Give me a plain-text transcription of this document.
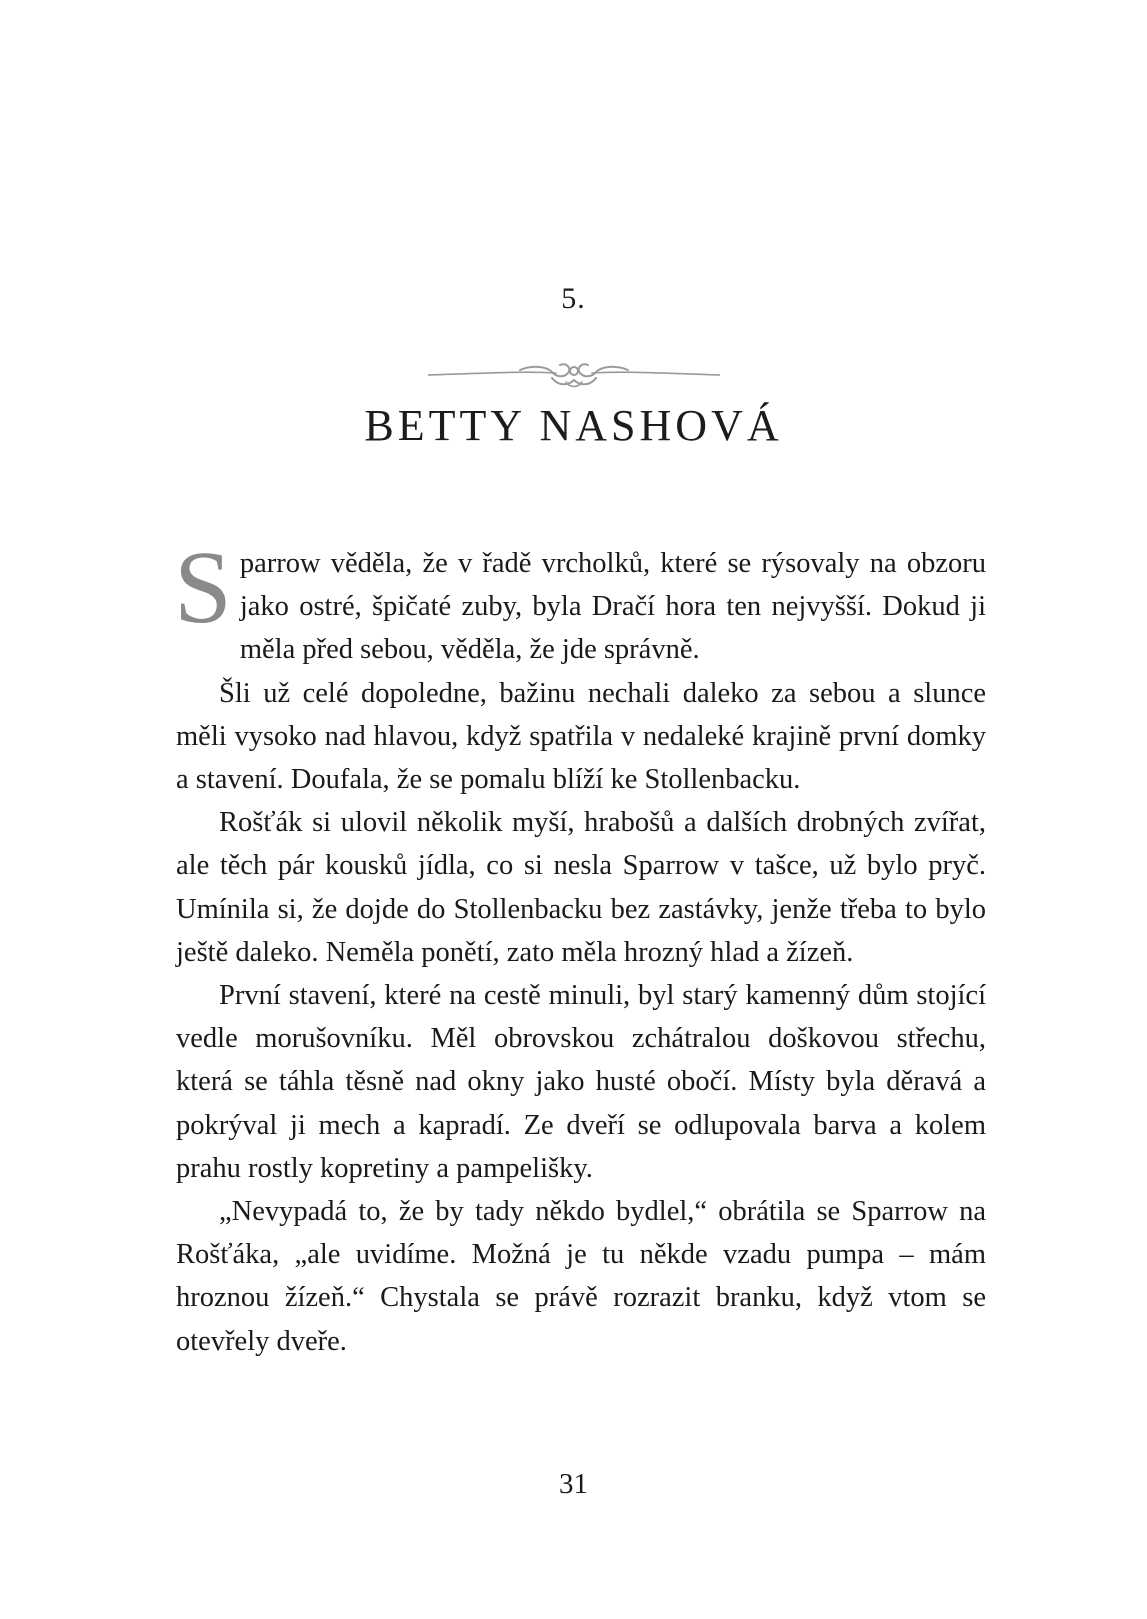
5.
BETTY NASHOVÁ

Sparrow věděla, že v řadě vrcholků, které se rýsovaly na obzoru jako ostré, špičaté zuby, byla Dračí hora ten nejvyšší. Dokud ji měla před sebou, věděla, že jde správně.

Šli už celé dopoledne, bažinu nechali daleko za sebou a slunce měli vysoko nad hlavou, když spatřila v nedaleké krajině první domky a stavení. Doufala, že se pomalu blíží ke Stollenbacku.

Rošťák si ulovil několik myší, hrabošů a dalších drobných zvířat, ale těch pár kousků jídla, co si nesla Sparrow v tašce, už bylo pryč. Umínila si, že dojde do Stollenbacku bez zastávky, jenže třeba to bylo ještě daleko. Neměla ponětí, zato měla hrozný hlad a žízeň.

První stavení, které na cestě minuli, byl starý kamenný dům stojící vedle morušovníku. Měl obrovskou zchátralou doškovou střechu, která se táhla těsně nad okny jako husté obočí. Místy byla děravá a pokrýval ji mech a kapradí. Ze dveří se odlupovala barva a kolem prahu rostly kopretiny a pampelišky.

„Nevypadá to, že by tady někdo bydlel,“ obrátila se Sparrow na Rošťáka, „ale uvidíme. Možná je tu někde vzadu pumpa – mám hroznou žízeň.“ Chystala se právě rozrazit branku, když vtom se otevřely dveře.

31
